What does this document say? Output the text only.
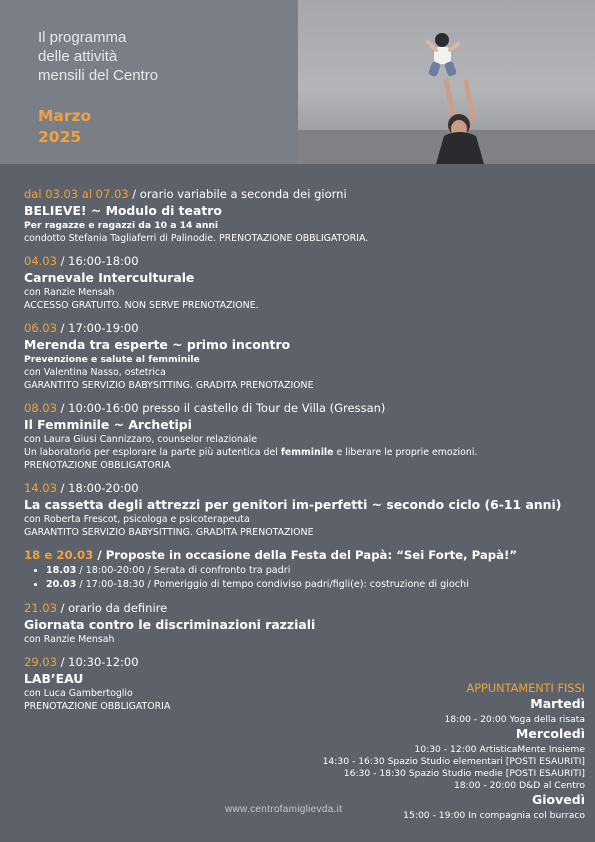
Il programma
delle attività
mensili del Centro
Marzo
2025
dal 03.03 al 07.03 / orario variabile a seconda dei giorni
BELIEVE! ~ Modulo di teatro
Per ragazze e ragazzi da 10 a 14 anni
condotto Stefania Tagliaferri di Palinodie. PRENOTAZIONE OBBLIGATORIA.
04.03 / 16:00-18:00
Carnevale Interculturale
con Ranzie Mensah
ACCESSO GRATUITO. NON SERVE PRENOTAZIONE.
06.03 / 17:00-19:00
Merenda tra esperte ~ primo incontro
Prevenzione e salute al femminile
con Valentina Nasso, ostetrica
GARANTITO SERVIZIO BABYSITTING. GRADITA PRENOTAZIONE
08.03 / 10:00-16:00 presso il castello di Tour de Villa (Gressan)
Il Femminile ~ Archetipi
con Laura Giusi Cannizzaro, counselor relazionale
Un laboratorio per esplorare la parte più autentica del femminile e liberare le proprie emozioni.
PRENOTAZIONE OBBLIGATORIA
14.03 / 18:00-20:00
La cassetta degli attrezzi per genitori im-perfetti ~ secondo ciclo (6-11 anni)
con Roberta Frescot, psicologa e psicoterapeuta
GARANTITO SERVIZIO BABYSITTING. GRADITA PRENOTAZIONE
18 e 20.03 / Proposte in occasione della Festa del Papà: “Sei Forte, Papà!”
• 18.03 / 18:00-20:00 / Serata di confronto tra padri
• 20.03 / 17:00-18:30 / Pomeriggio di tempo condiviso padri/figli(e): costruzione di giochi
21.03 / orario da definire
Giornata contro le discriminazioni razziali
con Ranzie Mensah
29.03 / 10:30-12:00
LAB’EAU
con Luca Gambertoglio
PRENOTAZIONE OBBLIGATORIA
APPUNTAMENTI FISSI
Martedì
18:00 - 20:00 Yoga della risata
Mercoledì
10:30 - 12:00 ArtisticaMente Insieme
14:30 - 16:30 Spazio Studio elementari [POSTI ESAURITI]
16:30 - 18:30 Spazio Studio medie [POSTI ESAURITI]
18:00 - 20:00 D&D al Centro
Giovedì
15:00 - 19:00 In compagnia col burraco
www.centrofamiglievda.it
